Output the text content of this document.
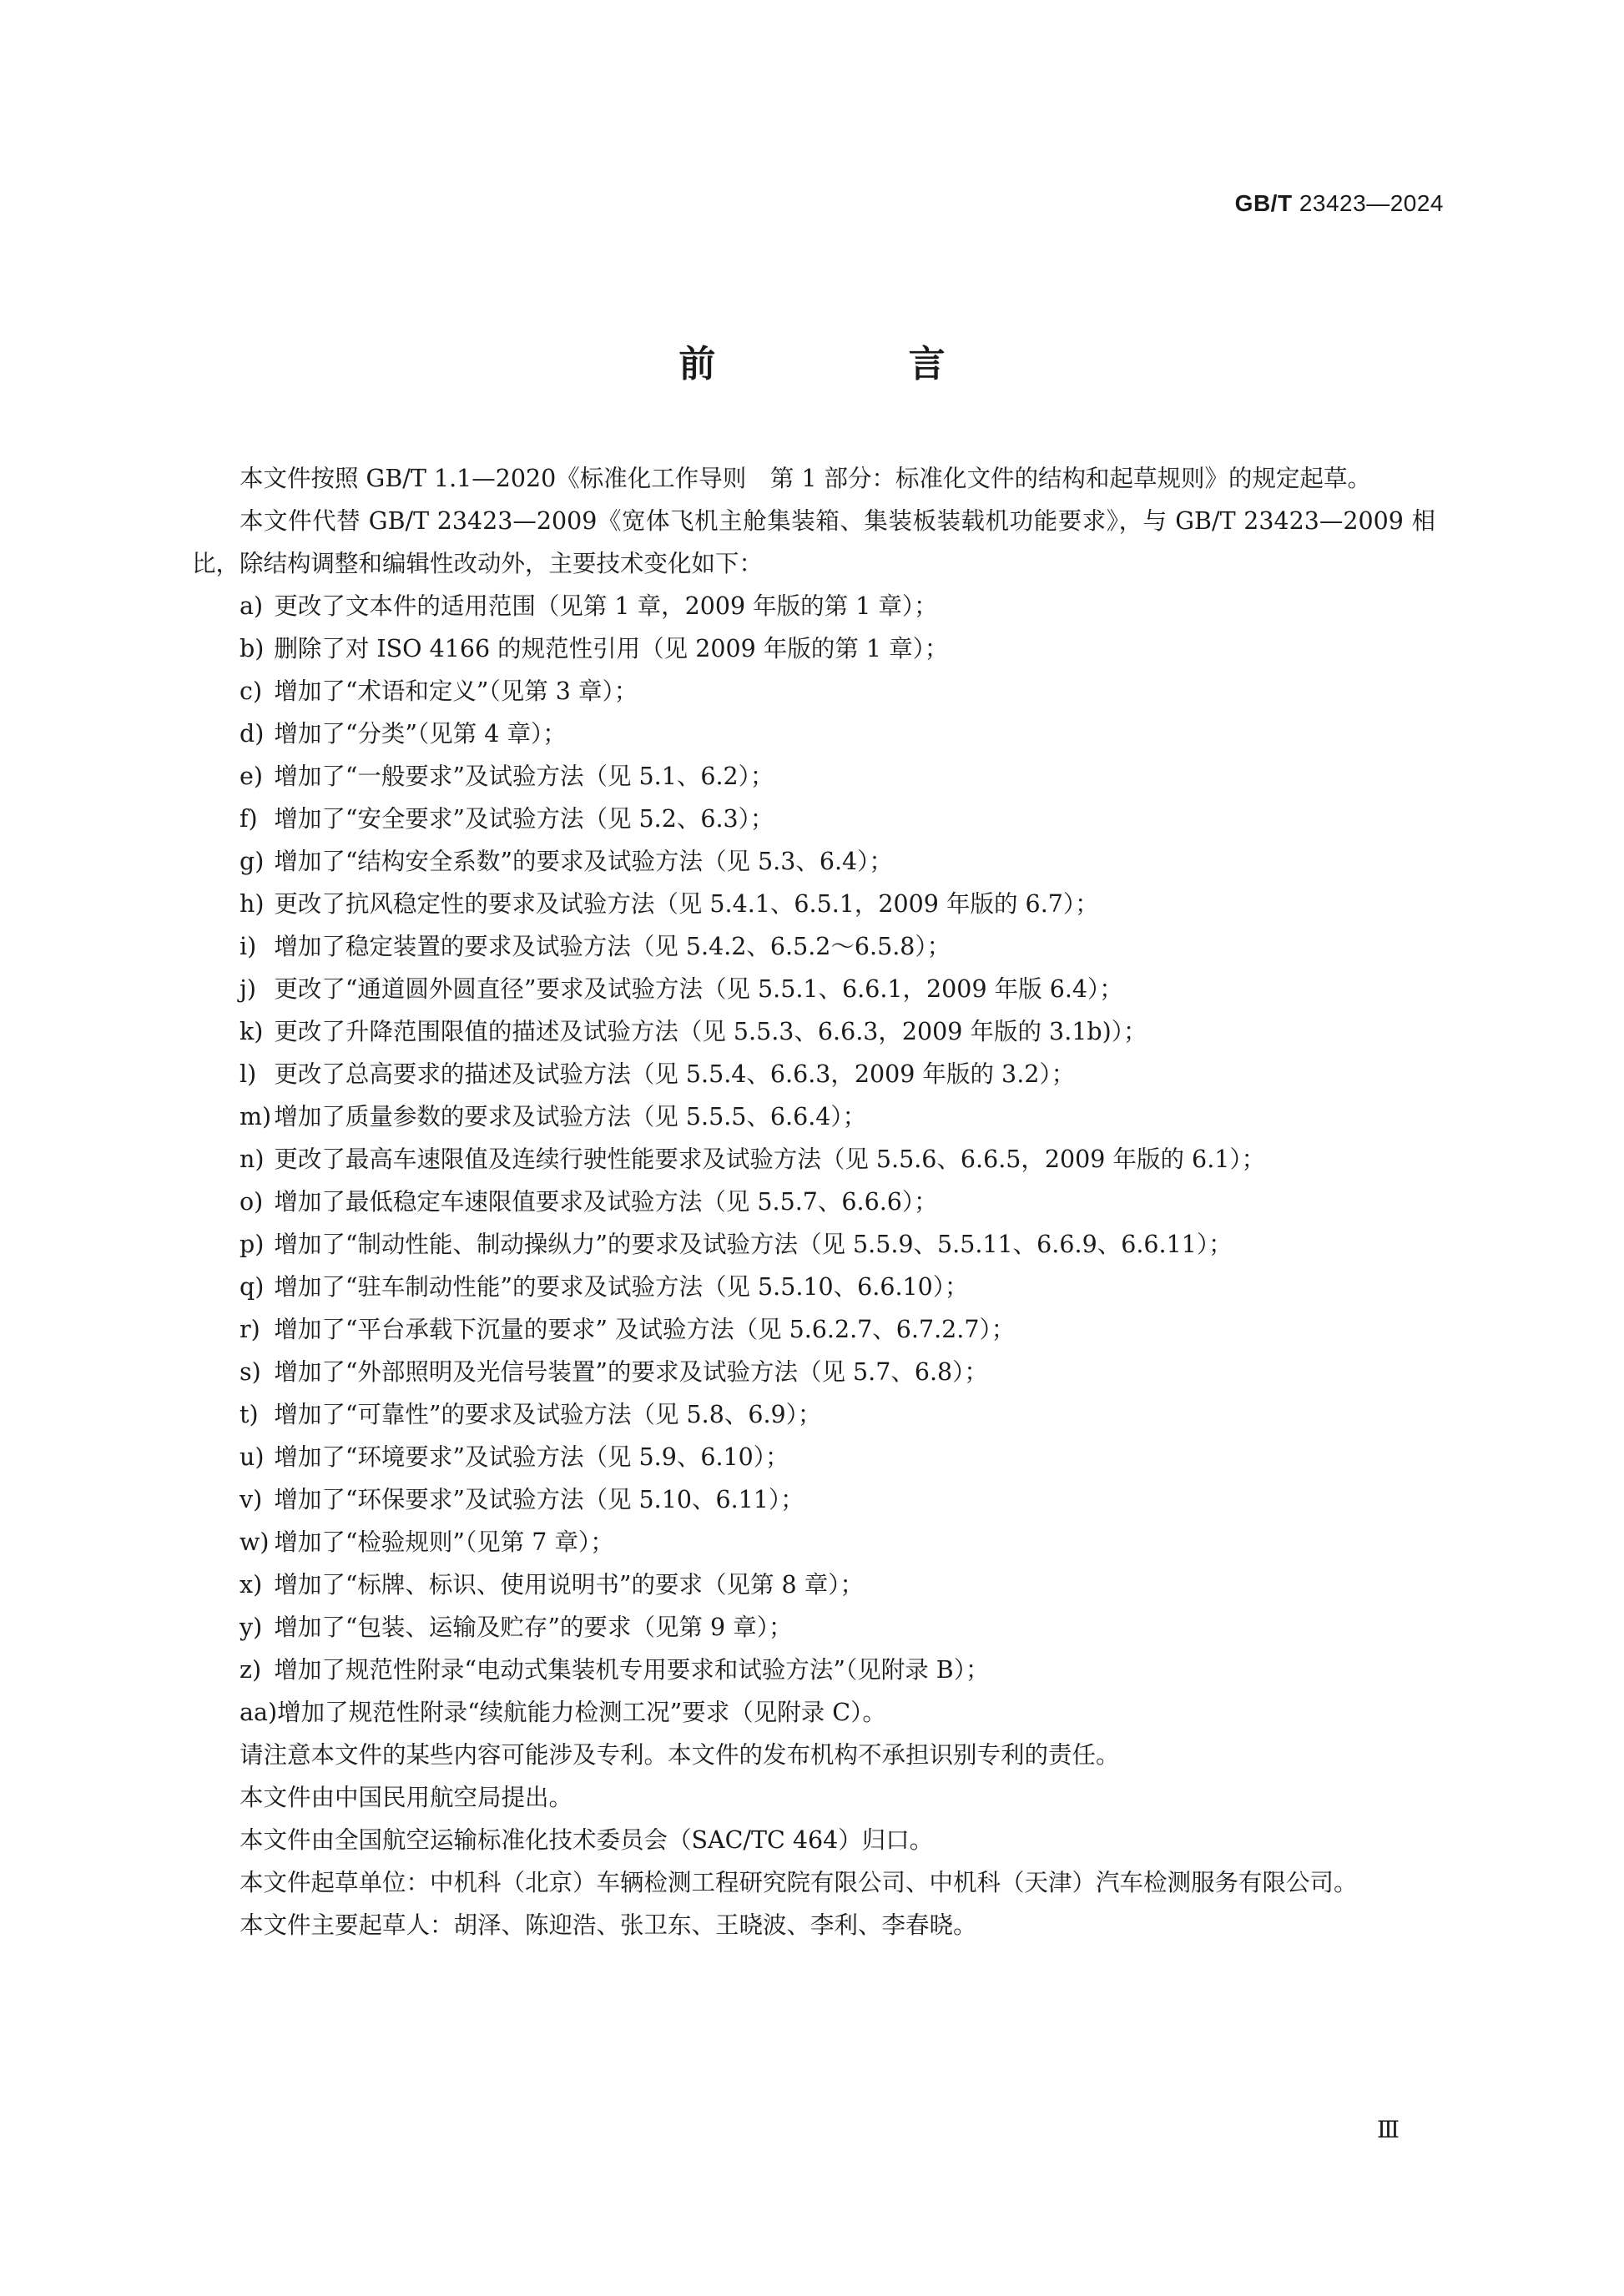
GB/T 23423—2024
前 言

本文件按照 GB/T 1.1—2020《标准化工作导则　第 1 部分：标准化文件的结构和起草规则》的规定起草。

本文件代替 GB/T 23423—2009《宽体飞机主舱集装箱、集装板装载机功能要求》，与 GB/T 23423—2009 相比，除结构调整和编辑性改动外，主要技术变化如下：

a) 更改了文本件的适用范围（见第 1 章，2009 年版的第 1 章）；

b) 删除了对 ISO 4166 的规范性引用（见 2009 年版的第 1 章）；

c) 增加了“术语和定义”（见第 3 章）；

d) 增加了“分类”（见第 4 章）；

e) 增加了“一般要求”及试验方法（见 5.1、6.2）；

f) 增加了“安全要求”及试验方法（见 5.2、6.3）；

g) 增加了“结构安全系数”的要求及试验方法（见 5.3、6.4）；

h) 更改了抗风稳定性的要求及试验方法（见 5.4.1、6.5.1，2009 年版的 6.7）；

i) 增加了稳定装置的要求及试验方法（见 5.4.2、6.5.2～6.5.8）；

j) 更改了“通道圆外圆直径”要求及试验方法（见 5.5.1、6.6.1，2009 年版 6.4）；

k) 更改了升降范围限值的描述及试验方法（见 5.5.3、6.6.3，2009 年版的 3.1b)）；

l) 更改了总高要求的描述及试验方法（见 5.5.4、6.6.3，2009 年版的 3.2）；

m) 增加了质量参数的要求及试验方法（见 5.5.5、6.6.4）；

n) 更改了最高车速限值及连续行驶性能要求及试验方法（见 5.5.6、6.6.5，2009 年版的 6.1）；

o) 增加了最低稳定车速限值要求及试验方法（见 5.5.7、6.6.6）；

p) 增加了“制动性能、制动操纵力”的要求及试验方法（见 5.5.9、5.5.11、6.6.9、6.6.11）；

q) 增加了“驻车制动性能”的要求及试验方法（见 5.5.10、6.6.10）；

r) 增加了“平台承载下沉量的要求” 及试验方法（见 5.6.2.7、6.7.2.7）；

s) 增加了“外部照明及光信号装置”的要求及试验方法（见 5.7、6.8）；

t) 增加了“可靠性”的要求及试验方法（见 5.8、6.9）；

u) 增加了“环境要求”及试验方法（见 5.9、6.10）；

v) 增加了“环保要求”及试验方法（见 5.10、6.11）；

w) 增加了“检验规则”（见第 7 章）；

x) 增加了“标牌、标识、使用说明书”的要求（见第 8 章）；

y) 增加了“包装、运输及贮存”的要求（见第 9 章）；

z) 增加了规范性附录“电动式集装机专用要求和试验方法”（见附录 B）；

aa)增加了规范性附录“续航能力检测工况”要求（见附录 C）。

请注意本文件的某些内容可能涉及专利。本文件的发布机构不承担识别专利的责任。

本文件由中国民用航空局提出。

本文件由全国航空运输标准化技术委员会（SAC/TC 464）归口。

本文件起草单位：中机科（北京）车辆检测工程研究院有限公司、中机科（天津）汽车检测服务有限公司。

本文件主要起草人：胡泽、陈迎浩、张卫东、王晓波、李利、李春晓。

Ⅲ
